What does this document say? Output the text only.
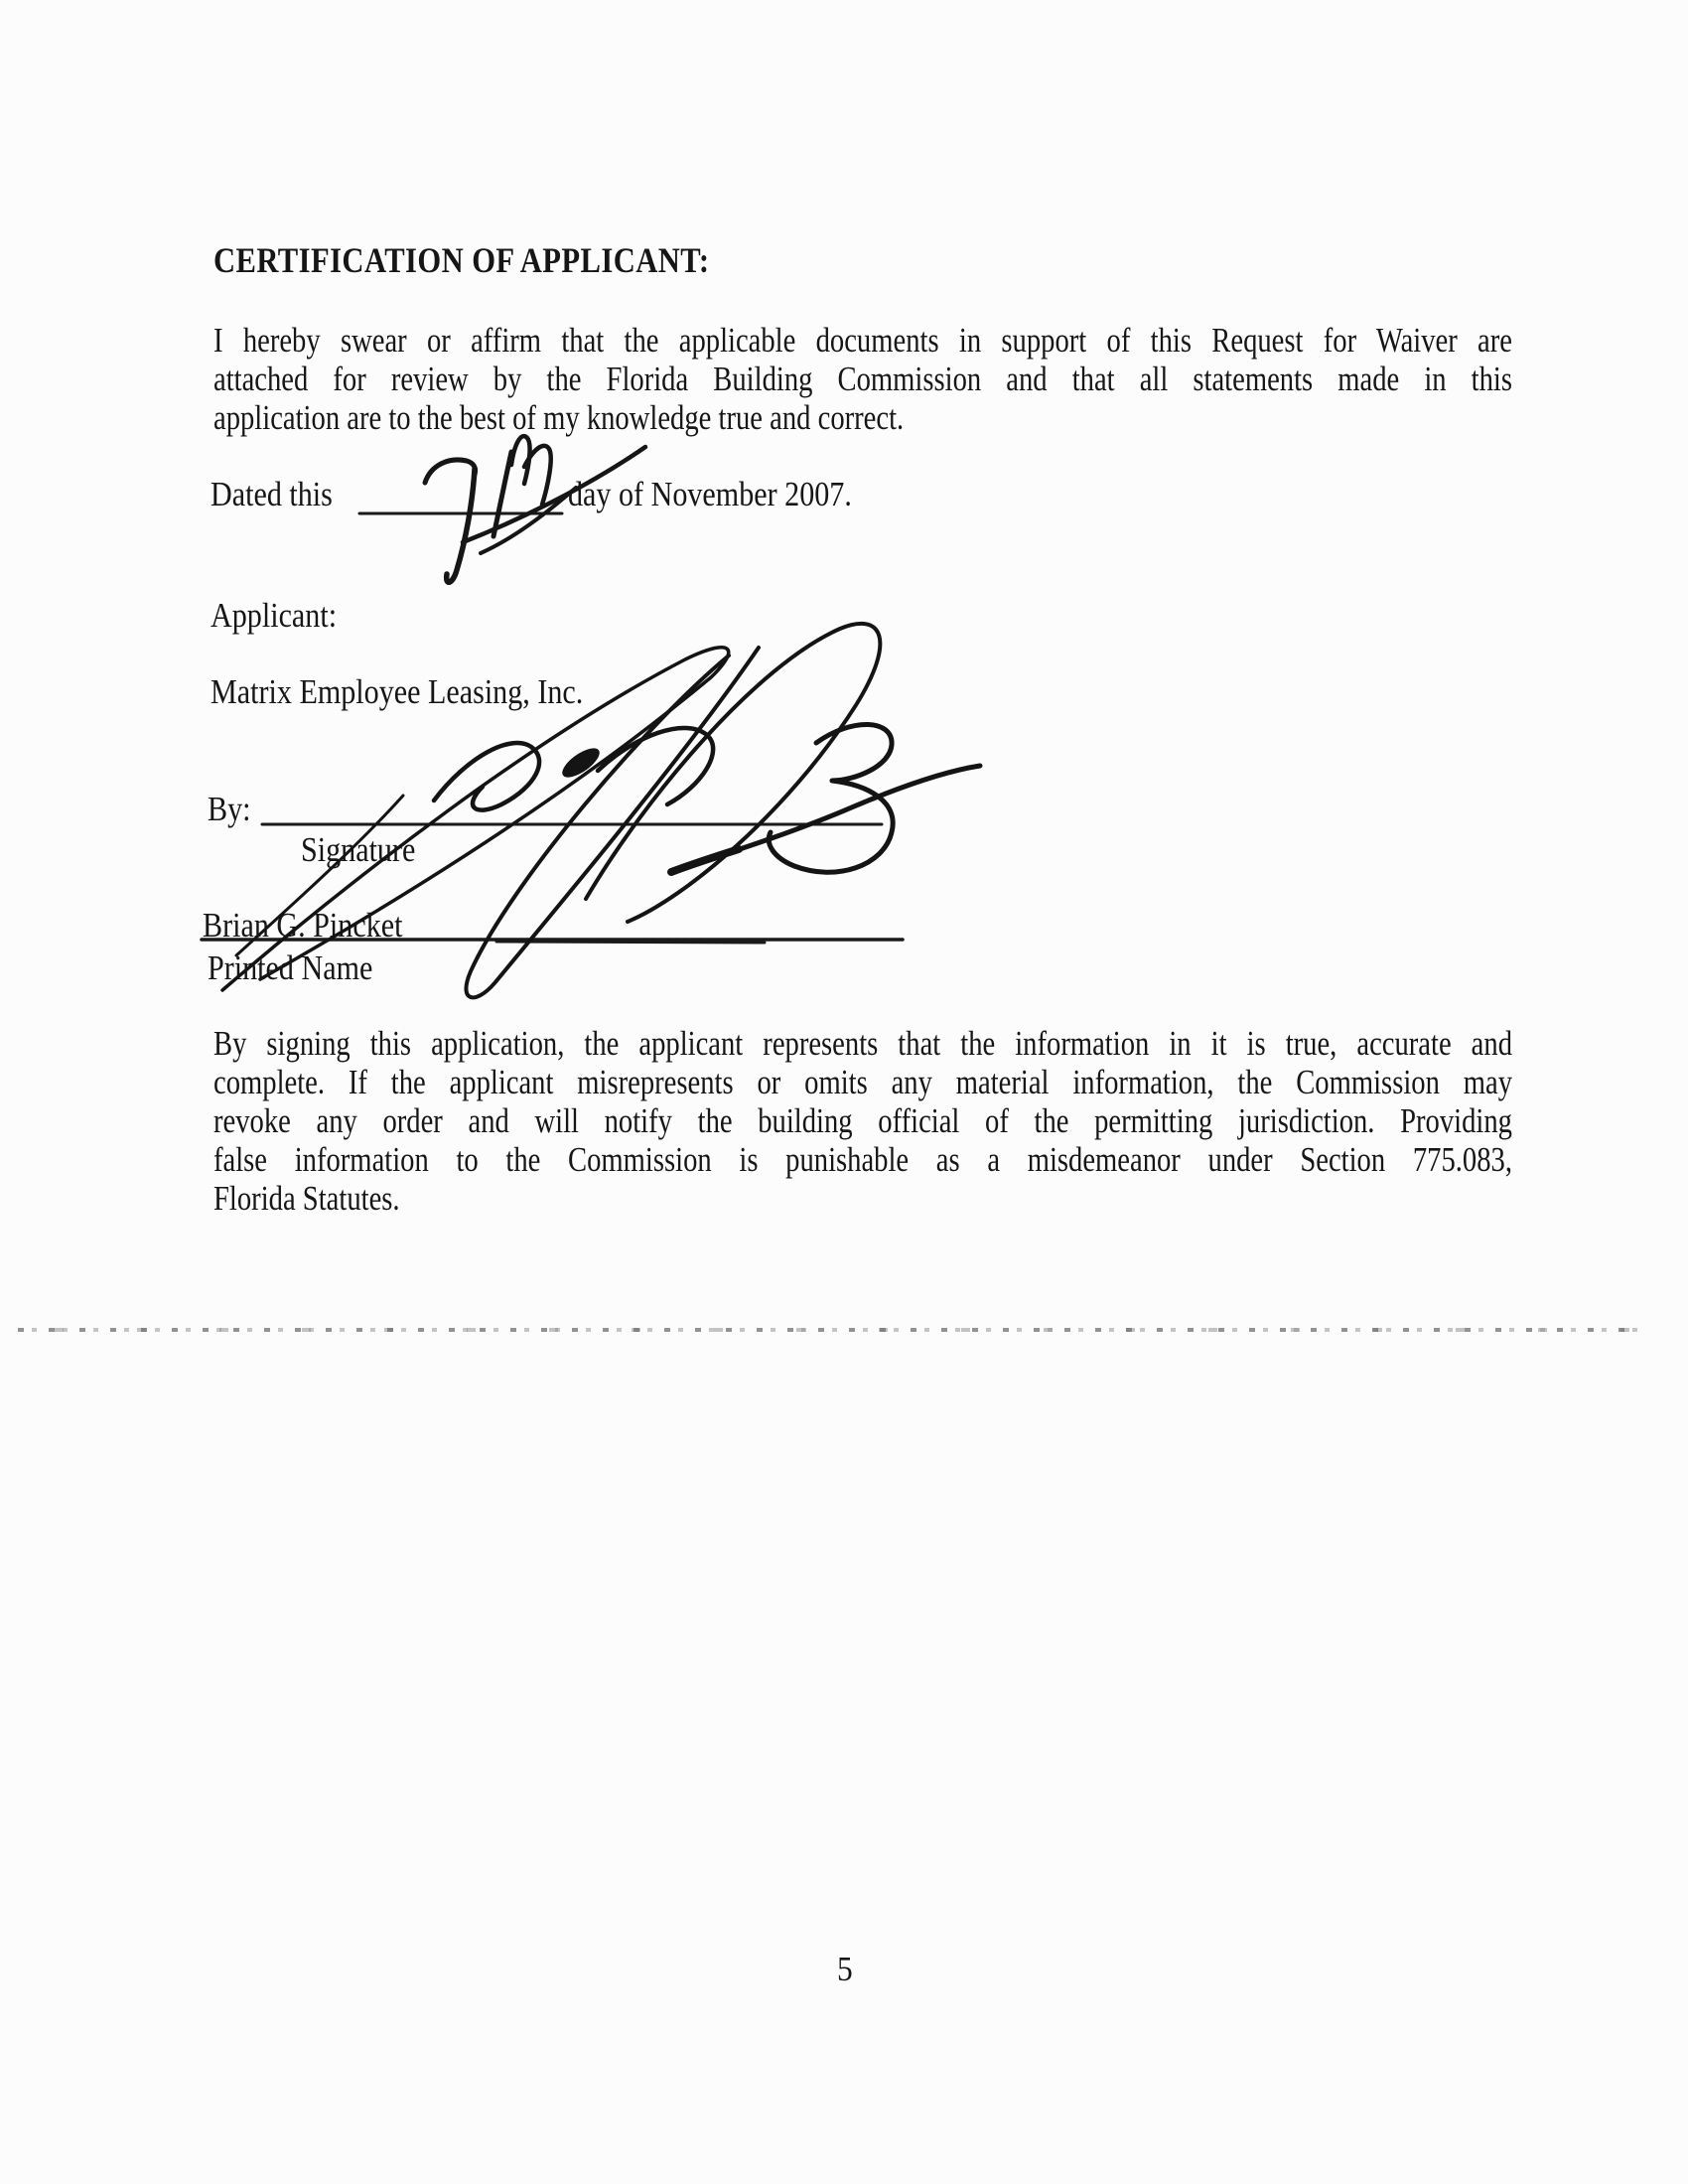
CERTIFICATION OF APPLICANT:
I hereby swear or affirm that the applicable documents in support of this Request for Waiver are
attached for review by the Florida Building Commission and that all statements made in this
application are to the best of my knowledge true and correct.
Dated this	day of November 2007.
Applicant:
Matrix Employee Leasing, Inc.
By:
Signature
Brian G. Pincket
Printed Name
By signing this application, the applicant represents that the information in it is true, accurate and
complete. If the applicant misrepresents or omits any material information, the Commission may
revoke any order and will notify the building official of the permitting jurisdiction. Providing
false information to the Commission is punishable as a misdemeanor under Section 775.083,
Florida Statutes.
5
